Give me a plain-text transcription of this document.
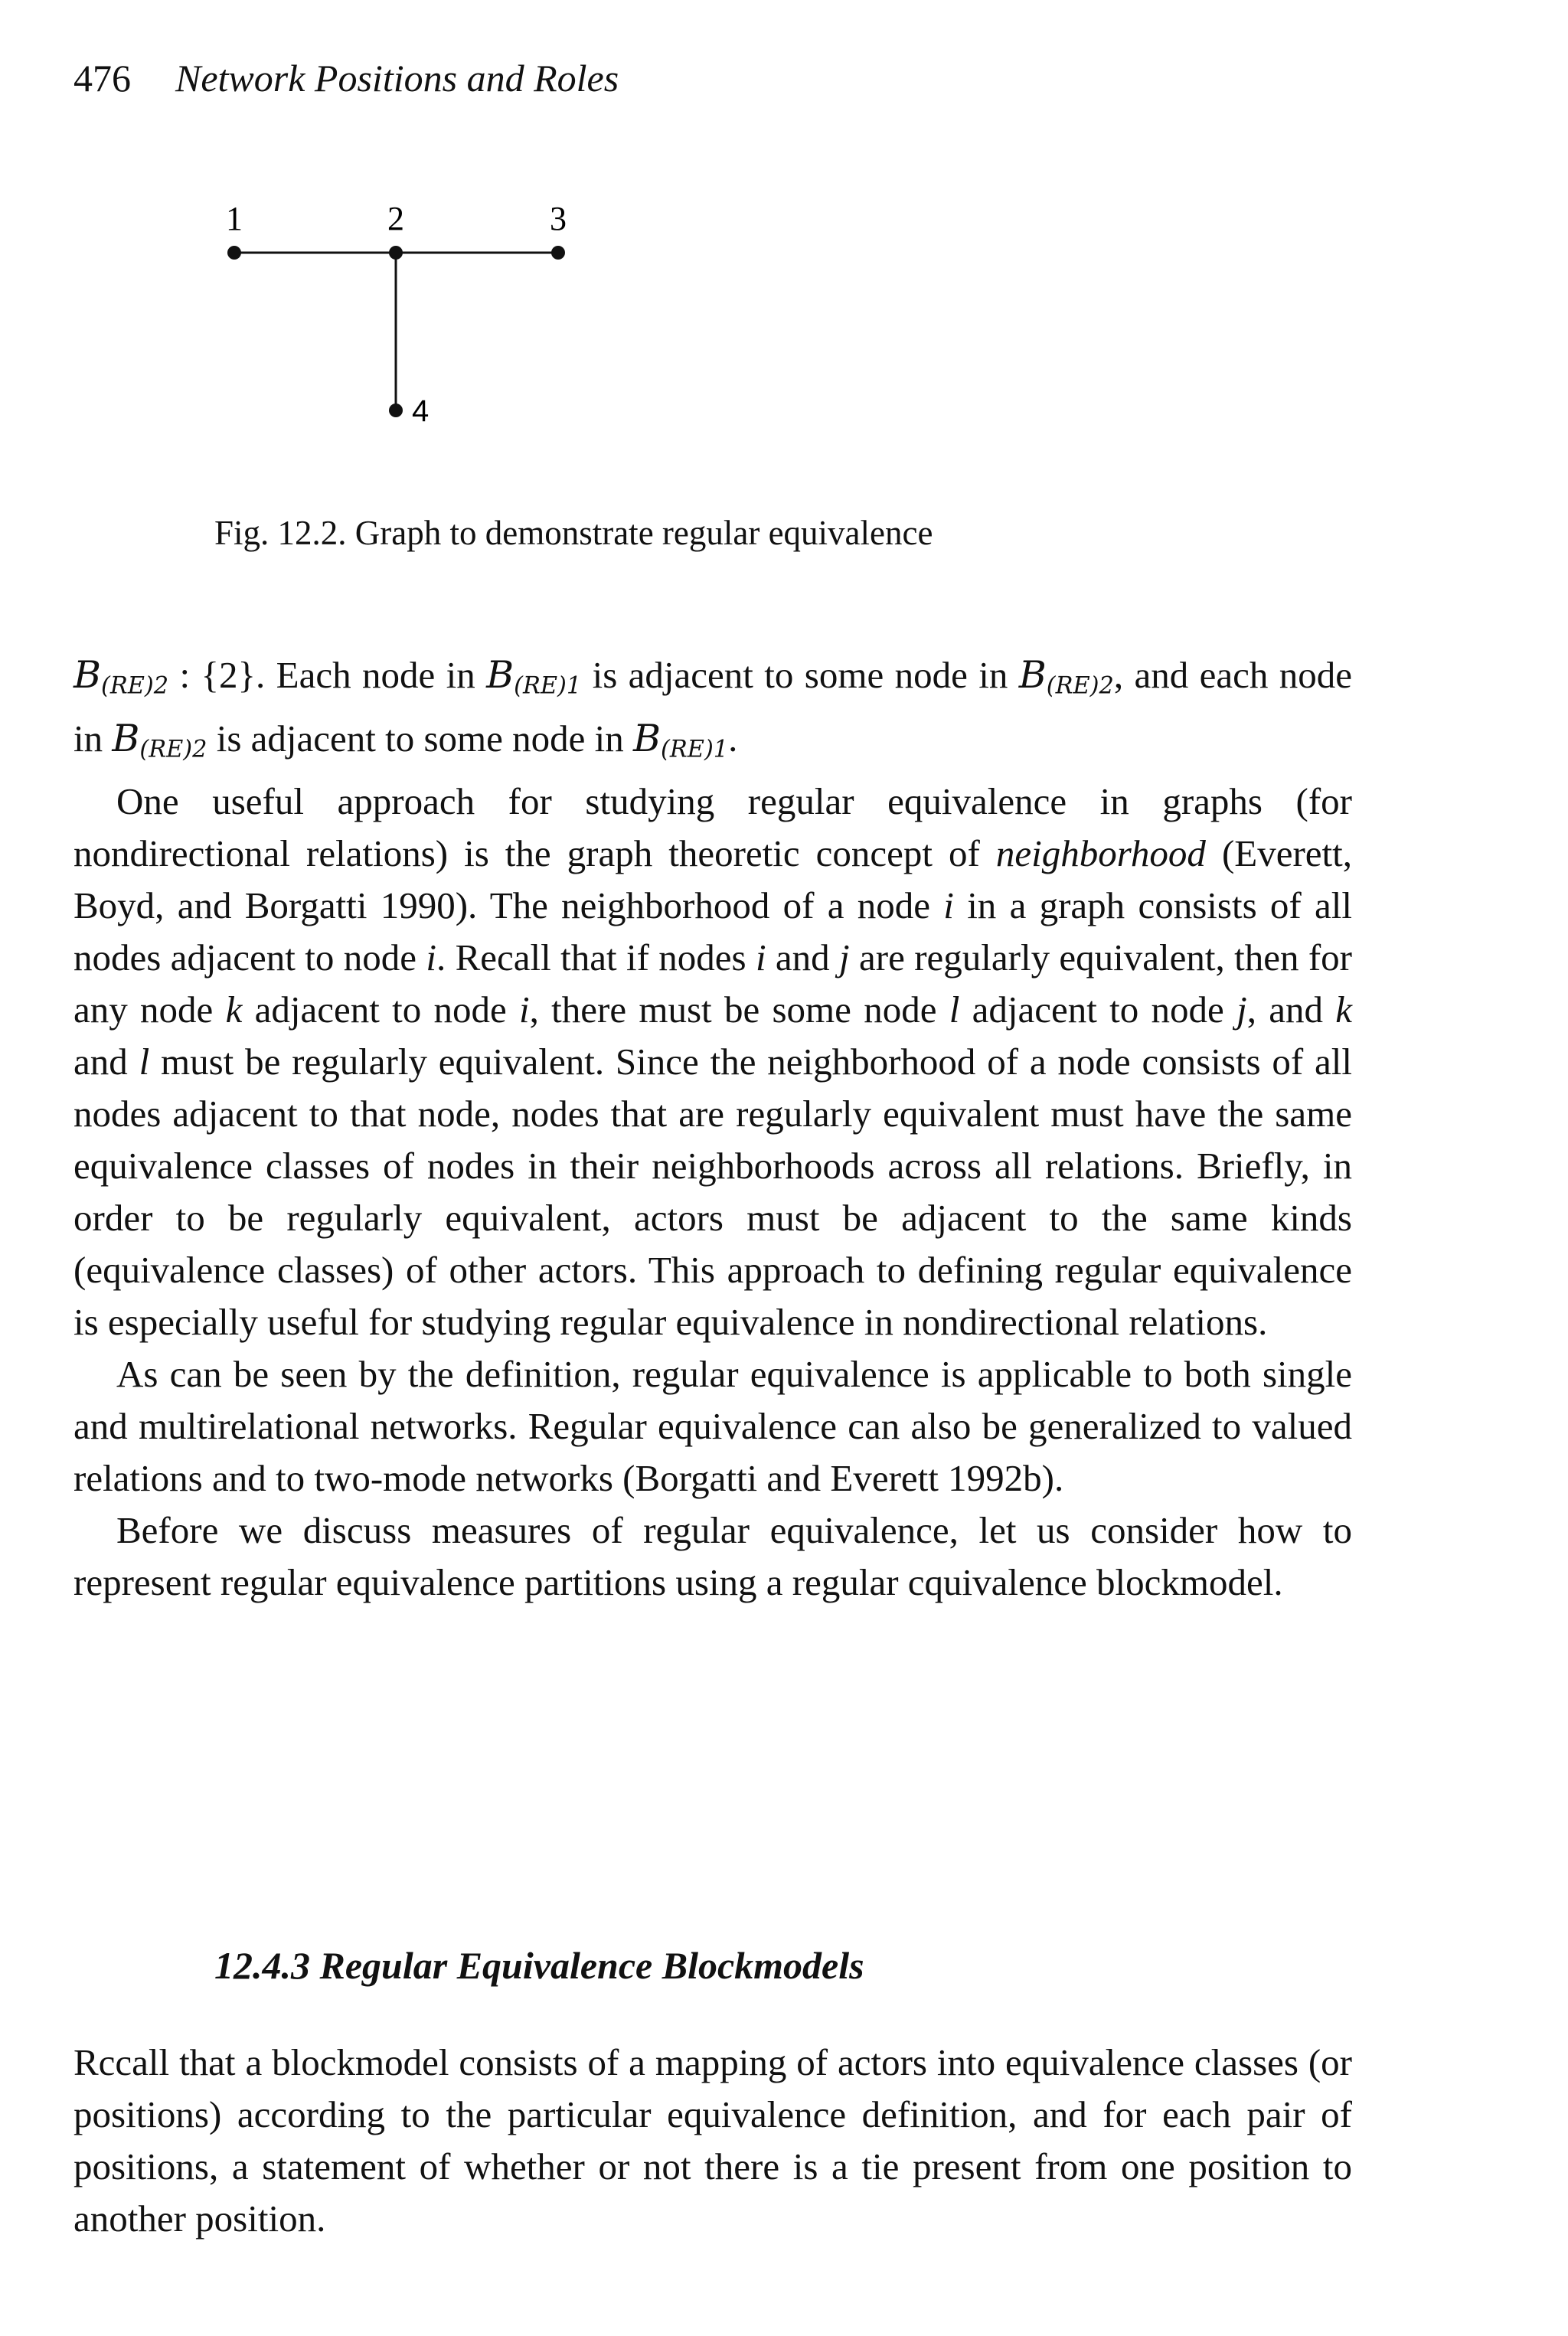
476 Network Positions and Roles
1	2	3
4
Fig. 12.2. Graph to demonstrate regular equivalence

$B_{(RE)2}$ : {2}. Each node in $B_{(RE)1}$ is adjacent to some node in $B_{(RE)2}$, and each node in $B_{(RE)2}$ is adjacent to some node in $B_{(RE)1}$.

One useful approach for studying regular equivalence in graphs (for nondirectional relations) is the graph theoretic concept of neighborhood (Everett, Boyd, and Borgatti 1990). The neighborhood of a node i in a graph consists of all nodes adjacent to node i. Recall that if nodes i and j are regularly equivalent, then for any node k adjacent to node i, there must be some node l adjacent to node j, and k and l must be regularly equivalent. Since the neighborhood of a node consists of all nodes adjacent to that node, nodes that are regularly equivalent must have the same equivalence classes of nodes in their neighborhoods across all relations. Briefly, in order to be regularly equivalent, actors must be adjacent to the same kinds (equivalence classes) of other actors. This approach to defining regular equivalence is especially useful for studying regular equivalence in nondirectional relations.

As can be seen by the definition, regular equivalence is applicable to both single and multirelational networks. Regular equivalence can also be generalized to valued relations and to two-mode networks (Borgatti and Everett 1992b).

Before we discuss measures of regular equivalence, let us consider how to represent regular equivalence partitions using a regular cquivalence blockmodel.

12.4.3 Regular Equivalence Blockmodels

Rccall that a blockmodel consists of a mapping of actors into equivalence classes (or positions) according to the particular equivalence definition, and for each pair of positions, a statement of whether or not there is a tie present from one position to another position.
